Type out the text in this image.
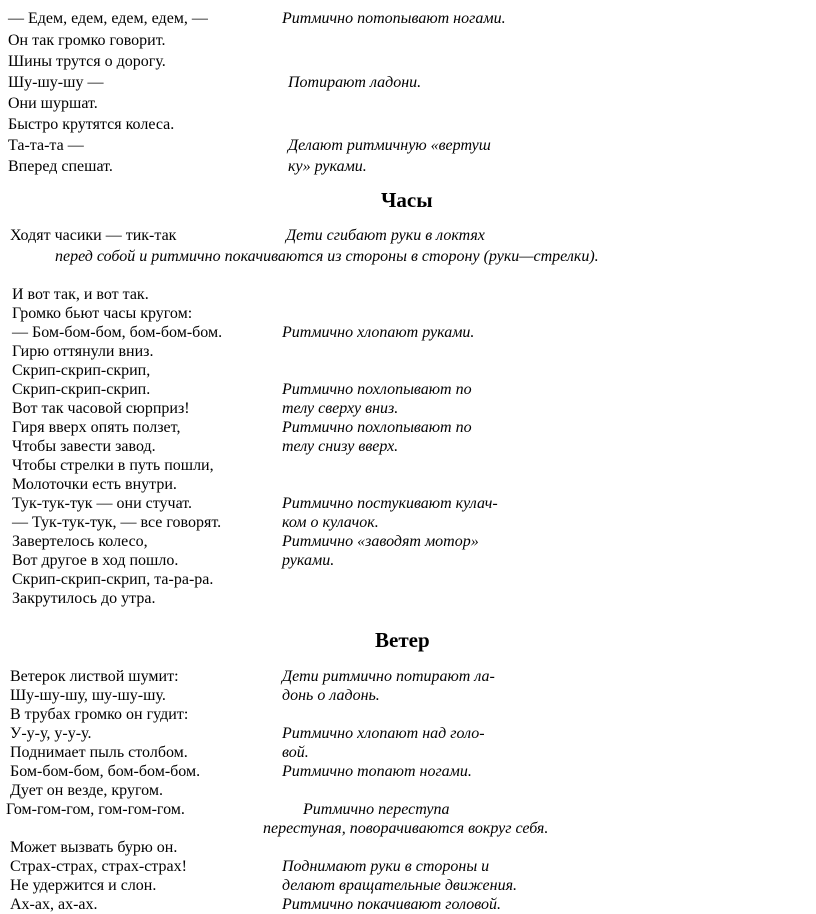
— Едем, едем, едем, едем, —
Он так громко говорит.
Шины трутся о дорогу.
Шу-шу-шу —
Они шуршат.
Быстро крутятся колеса.
Та-та-та —
Вперед спешат.
Ритмично потопывают ногами.
Потирают ладони.
Делают ритмичную «вертуш
ку» руками.
Часы
Ходят часики — тик-так	Дети сгибают руки в локтях
перед собой и ритмично покачиваются из стороны в сторону (руки—стрелки).
И вот так, и вот так.
Громко бьют часы кругом:
— Бом-бом-бом, бом-бом-бом.
Гирю оттянули вниз.
Скрип-скрип-скрип,
Скрип-скрип-скрип.
Вот так часовой сюрприз!
Гиря вверх опять ползет,
Чтобы завести завод.
Чтобы стрелки в путь пошли,
Молоточки есть внутри.
Тук-тук-тук — они стучат.
— Тук-тук-тук, — все говорят.
Завертелось колесо,
Вот другое в ход пошло.
Скрип-скрип-скрип, та-ра-ра.
Закрутилось до утра.
Ритмично хлопают руками.
Ритмично похлопывают по
телу сверху вниз.
Ритмично похлопывают по
телу снизу вверх.
Ритмично постукивают кулач-
ком о кулачок.
Ритмично «заводят мотор»
руками.
Ветер
Ветерок листвой шумит:
Шу-шу-шу, шу-шу-шу.
В трубах громко он гудит:
У-у-у, у-у-у.
Поднимает пыль столбом.
Бом-бом-бом, бом-бом-бом.
Дует он везде, кругом.
Гом-гом-гом, гом-гом-гом.
Может вызвать бурю он.
Страх-страх, страх-страх!
Не удержится и слон.
Ах-ах, ах-ах.
Дети ритмично потирают ла-
донь о ладонь.
Ритмично хлопают над голо-
вой.
Ритмично топают ногами.
Ритмично переступа
перестуная, поворачиваются вокруг себя.
Поднимают руки в стороны и
делают вращательные движения.
Ритмично покачивают головой.
